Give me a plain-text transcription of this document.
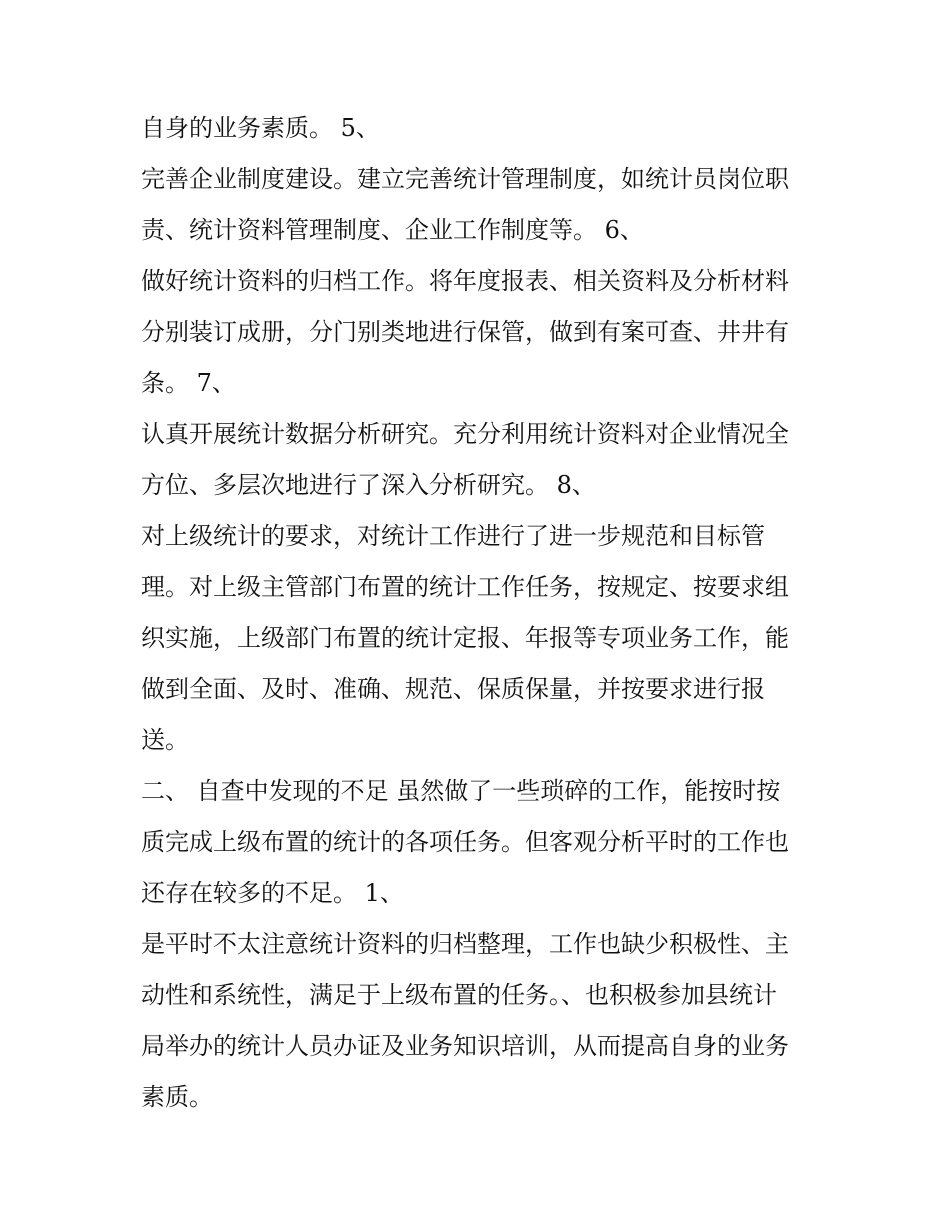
自身的业务素质。 5、
完善企业制度建设。建立完善统计管理制度，如统计员岗位职
责、统计资料管理制度、企业工作制度等。 6、
做好统计资料的归档工作。将年度报表、相关资料及分析材料
分别装订成册，分门别类地进行保管，做到有案可查、井井有
条。 7、
认真开展统计数据分析研究。充分利用统计资料对企业情况全
方位、多层次地进行了深入分析研究。 8、
对上级统计的要求，对统计工作进行了进一步规范和目标管
理。对上级主管部门布置的统计工作任务，按规定、按要求组
织实施，上级部门布置的统计定报、年报等专项业务工作，能
做到全面、及时、准确、规范、保质保量，并按要求进行报
送。
二、 自查中发现的不足 虽然做了一些琐碎的工作，能按时按
质完成上级布置的统计的各项任务。但客观分析平时的工作也
还存在较多的不足。 1、
是平时不太注意统计资料的归档整理，工作也缺少积极性、主
动性和系统性，满足于上级布置的任务。、也积极参加县统计
局举办的统计人员办证及业务知识培训，从而提高自身的业务
素质。
